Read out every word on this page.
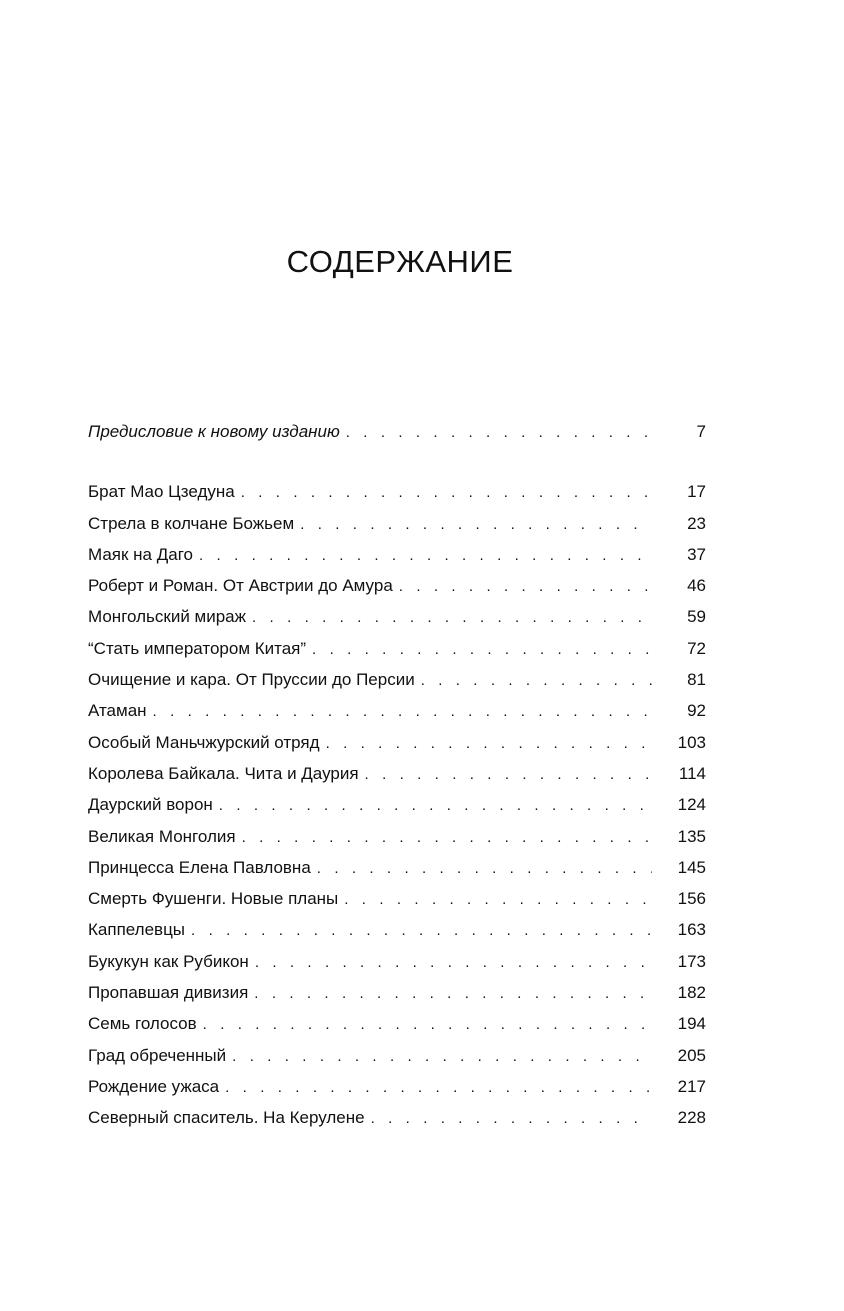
СОДЕРЖАНИЕ
Предисловие к новому изданию . . .	7
Брат Мао Цзедуна . . .	17
Стрела в колчане Божьем . . .	23
Маяк на Даго . . .	37
Роберт и Роман. От Австрии до Амура . . .	46
Монгольский мираж . . .	59
“Стать императором Китая” . . .	72
Очищение и кара. От Пруссии до Персии . . .	81
Атаман . . .	92
Особый Маньчжурский отряд . . .	103
Королева Байкала. Чита и Даурия . . .	114
Даурский ворон . . .	124
Великая Монголия . . .	135
Принцесса Елена Павловна . . .	145
Смерть Фушенги. Новые планы . . .	156
Каппелевцы . . .	163
Букукун как Рубикон . . .	173
Пропавшая дивизия . . .	182
Семь голосов . . .	194
Град обреченный . . .	205
Рождение ужаса . . .	217
Северный спаситель. На Керулене . . .	228
